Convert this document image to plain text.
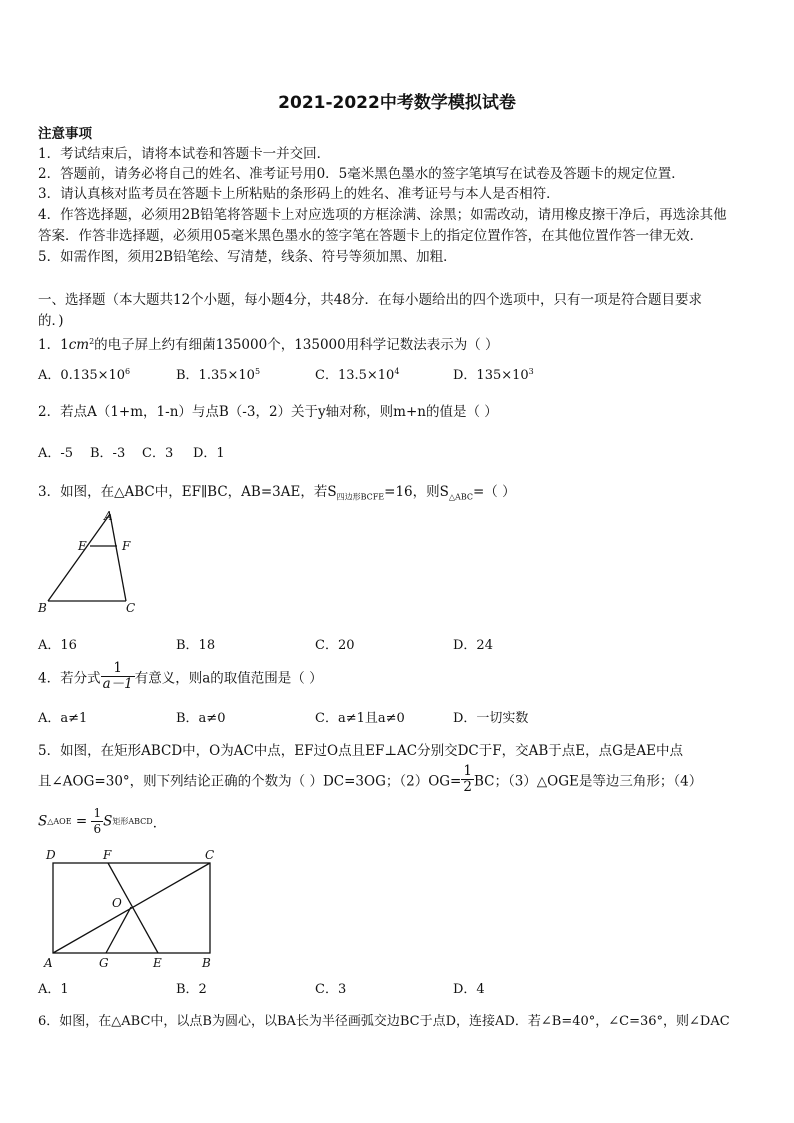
2021-2022中考数学模拟试卷
注意事项
1．考试结束后，请将本试卷和答题卡一并交回．
2．答题前，请务必将自己的姓名、准考证号用0．5毫米黑色墨水的签字笔填写在试卷及答题卡的规定位置．
3．请认真核对监考员在答题卡上所粘贴的条形码上的姓名、准考证号与本人是否相符．
4．作答选择题，必须用2B铅笔将答题卡上对应选项的方框涂满、涂黑；如需改动，请用橡皮擦干净后，再选涂其他
答案．作答非选择题，必须用05毫米黑色墨水的签字笔在答题卡上的指定位置作答，在其他位置作答一律无效．
5．如需作图，须用2B铅笔绘、写清楚，线条、符号等须加黑、加粗．
一、选择题（本大题共12个小题，每小题4分，共48分．在每小题给出的四个选项中，只有一项是符合题目要求
的．)
1．$1cm^2$的电子屏上约有细菌135000个，135000用科学记数法表示为（ ）
A．$0.135\times 10^6$	B．$1.35\times 10^5$	C．$13.5\times 10^4$	D．$135\times 10^3$
2．若点A（1+m，1-n）与点B（-3，2）关于y轴对称，则m+n的值是（ ）
A．-5 B．-3 C．3 D．1
3．如图，在△ABC中，EF∥BC，AB=3AE，若$S_{四边形BCFE}=16$，则$S_{\triangle ABC}=$（ ）
A
E	F
B	C
A．16	B．18	C．20	D．24
4．若分式 $\frac{1}{a-1}$ 有意义，则a的取值范围是（ ）
A．a≠1	B．a≠0	C．a≠1且a≠0	D．一切实数
5．如图，在矩形ABCD中，O为AC中点，EF过O点且EF⊥AC分别交DC于F，交AB于点E，点G是AE中点
且∠AOG=30°，则下列结论正确的个数为（ ）DC=3OG；$(2)OG= \frac{1}{2}$ BC；（3）△OGE是等边三角形；（4）
S△AOE = $\frac{1}{6}$ S矩形ABCD．
D	F	C
O
A	G	E	B
A．1	B．2	C．3	D．4
6．如图，在△ABC中，以点B为圆心，以BA长为半径画弧交边BC于点D，连接AD．若∠B=40°，∠C=36°，则∠DAC
